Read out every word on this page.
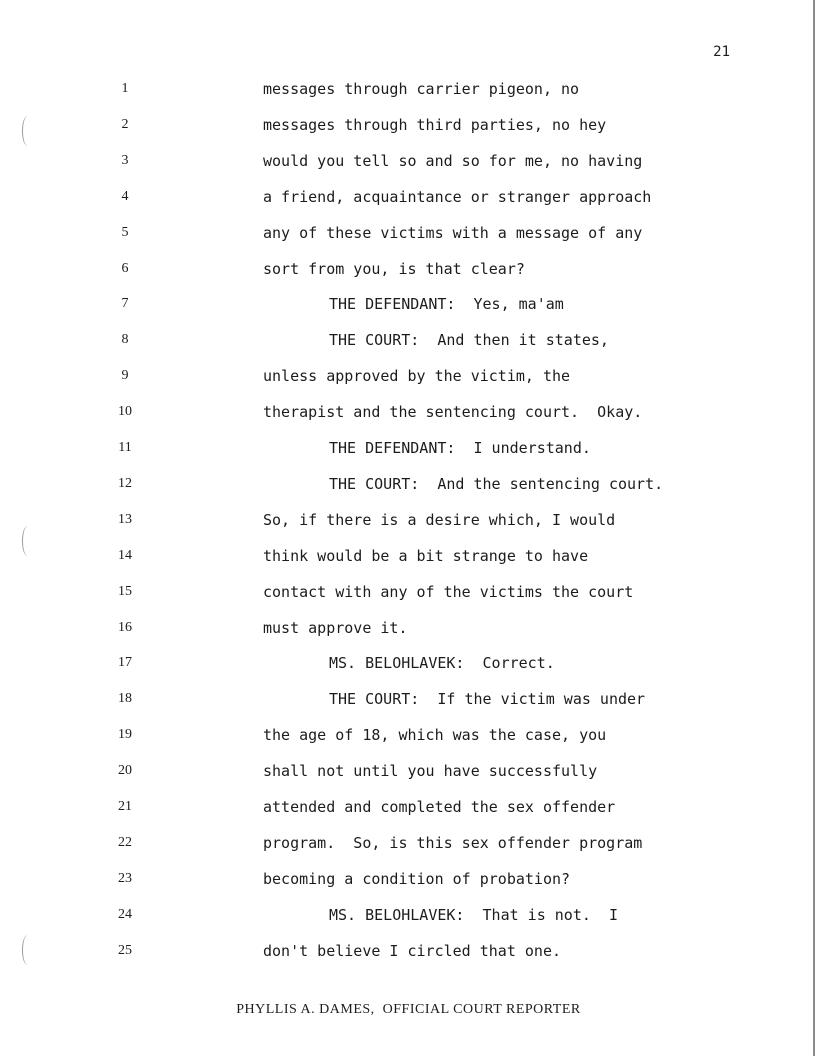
21
1	messages through carrier pigeon, no
2	messages through third parties, no hey
3	would you tell so and so for me, no having
4	a friend, acquaintance or stranger approach
5	any of these victims with a message of any
6	sort from you, is that clear?
7	THE DEFENDANT:  Yes, ma'am
8	THE COURT:  And then it states,
9	unless approved by the victim, the
10	therapist and the sentencing court.  Okay.
11	THE DEFENDANT:  I understand.
12	THE COURT:  And the sentencing court.
13	So, if there is a desire which, I would
14	think would be a bit strange to have
15	contact with any of the victims the court
16	must approve it.
17	MS. BELOHLAVEK:  Correct.
18	THE COURT:  If the victim was under
19	the age of 18, which was the case, you
20	shall not until you have successfully
21	attended and completed the sex offender
22	program.  So, is this sex offender program
23	becoming a condition of probation?
24	MS. BELOHLAVEK:  That is not.  I
25	don't believe I circled that one.
PHYLLIS A. DAMES,  OFFICIAL COURT REPORTER
